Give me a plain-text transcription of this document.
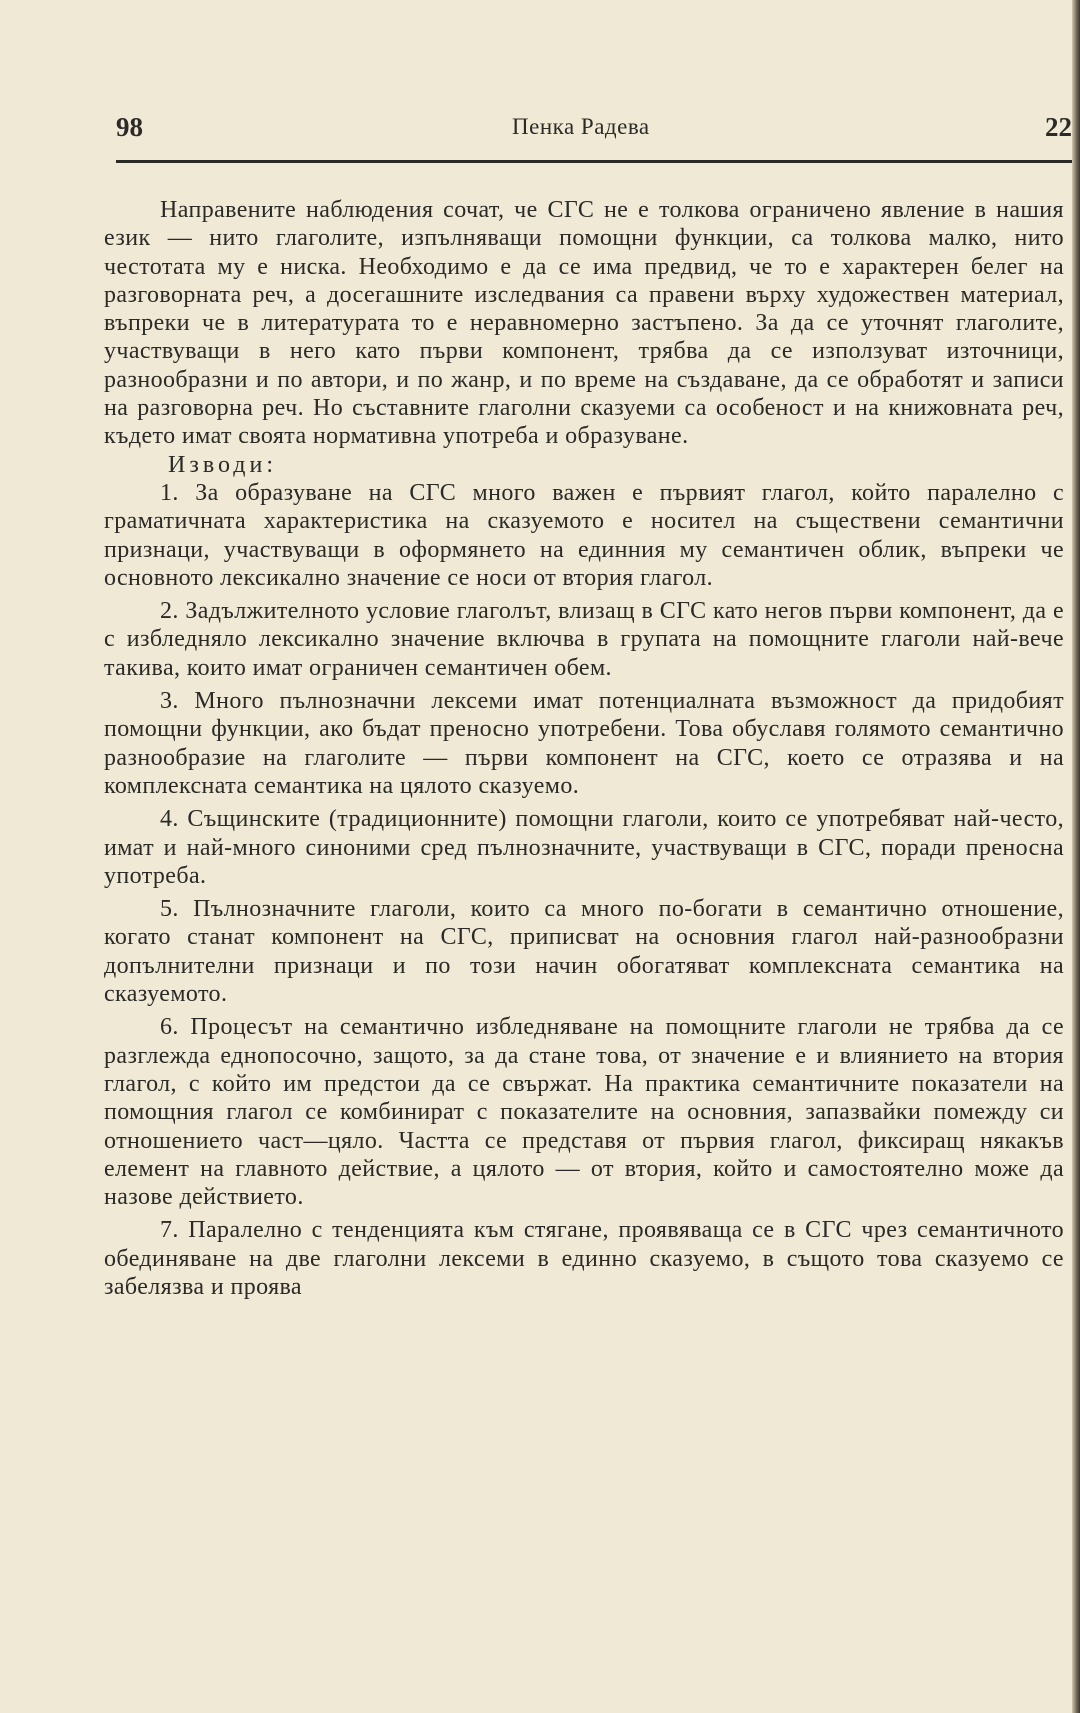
98	Пенка Радева	22

Направените наблюдения сочат, че СГС не е толкова ограничено явление в нашия език — нито глаголите, изпълняващи помощни функции, са толкова малко, нито честотата му е ниска. Необходимо е да се има предвид, че то е характерен белег на разговорната реч, а досегашните изследвания са правени върху художествен материал, въпреки че в литературата то е неравномерно застъпено. За да се уточнят глаголите, участвуващи в него като първи компонент, трябва да се използуват източници, разнообразни и по автори, и по жанр, и по време на създаване, да се обработят и записи на разговорна реч. Но съставните глаголни сказуеми са особеност и на книжовната реч, където имат своята нормативна употреба и образуване.

Изводи:

1. За образуване на СГС много важен е първият глагол, който паралелно с граматичната характеристика на сказуемото е носител на съществени семантични признаци, участвуващи в оформянето на единния му семантичен облик, въпреки че основното лексикално значение се носи от втория глагол.

2. Задължителното условие глаголът, влизащ в СГС като негов първи компонент, да е с избледняло лексикално значение включва в групата на помощните глаголи най-вече такива, които имат ограничен семантичен обем.

3. Много пълнозначни лексеми имат потенциалната възможност да придобият помощни функции, ако бъдат преносно употребени. Това обуславя голямото семантично разнообразие на глаголите — първи компонент на СГС, което се отразява и на комплексната семантика на цялото сказуемо.

4. Същинските (традиционните) помощни глаголи, които се употребяват най-често, имат и най-много синоними сред пълнозначните, участвуващи в СГС, поради преносна употреба.

5. Пълнозначните глаголи, които са много по-богати в семантично отношение, когато станат компонент на СГС, приписват на основния глагол най-разнообразни допълнителни признаци и по този начин обогатяват комплексната семантика на сказуемото.

6. Процесът на семантично избледняване на помощните глаголи не трябва да се разглежда еднопосочно, защото, за да стане това, от значение е и влиянието на втория глагол, с който им предстои да се свържат. На практика семантичните показатели на помощния глагол се комбинират с показателите на основния, запазвайки помежду си отношението част—цяло. Частта се представя от първия глагол, фиксиращ някакъв елемент на главното действие, а цялото — от втория, който и самостоятелно може да назове действието.

7. Паралелно с тенденцията към стягане, проявяваща се в СГС чрез семантичното обединяване на две глаголни лексеми в единно сказуемо, в същото това сказуемо се забелязва и проява
